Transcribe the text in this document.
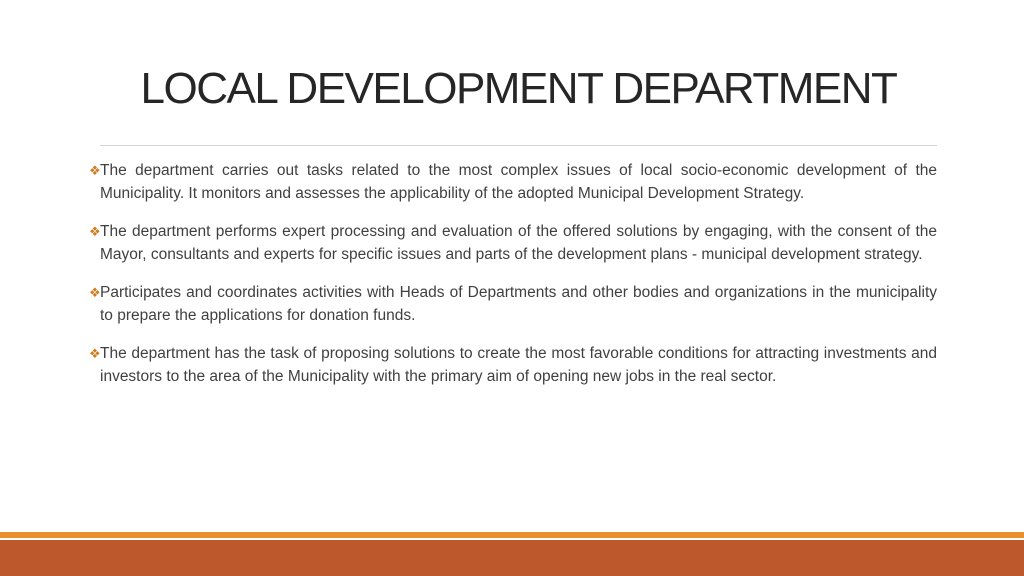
LOCAL DEVELOPMENT DEPARTMENT
❖ The department carries out tasks related to the most complex issues of local socio-economic development of the Municipality. It monitors and assesses the applicability of the adopted Municipal Development Strategy.
❖ The department performs expert processing and evaluation of the offered solutions by engaging, with the consent of the Mayor, consultants and experts for specific issues and parts of the development plans - municipal development strategy.
❖ Participates and coordinates activities with Heads of Departments and other bodies and organizations in the municipality to prepare the applications for donation funds.
❖ The department has the task of proposing solutions to create the most favorable conditions for attracting investments and investors to the area of the Municipality with the primary aim of opening new jobs in the real sector.
